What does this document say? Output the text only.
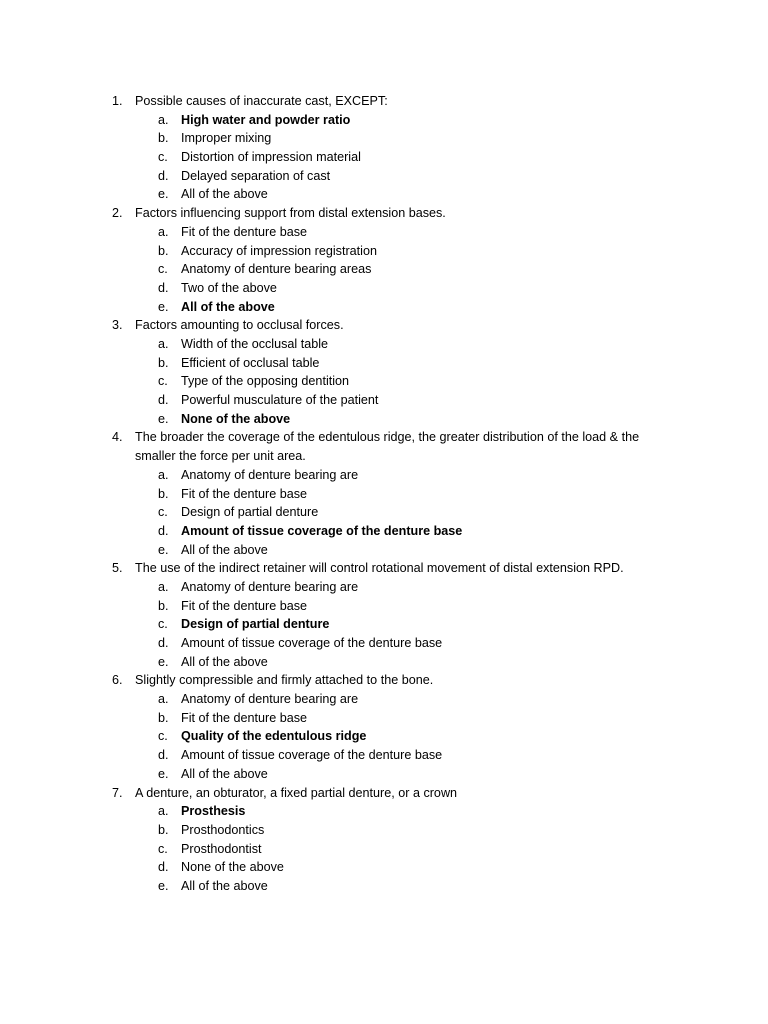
1. Possible causes of inaccurate cast, EXCEPT:
a. High water and powder ratio
b. Improper mixing
c.	Distortion of impression material
d. Delayed separation of cast
e. All of the above
2. Factors influencing support from distal extension bases.
a. Fit of the denture base
b. Accuracy of impression registration
c.	Anatomy of denture bearing areas
d. Two of the above
e. All of the above
3. Factors amounting to occlusal forces.
a. Width of the occlusal table
b. Efficient of occlusal table
c.	Type of the opposing dentition
d. Powerful musculature of the patient
e. None of the above
4. The broader the coverage of the edentulous ridge, the greater distribution of the load & the smaller the force per unit area.
a. Anatomy of denture bearing are
b. Fit of the denture base
c.	Design of partial denture
d. Amount of tissue coverage of the denture base
e. All of the above
5. The use of the indirect retainer will control rotational movement of distal extension RPD.
a. Anatomy of denture bearing are
b. Fit of the denture base
c.	Design of partial denture
d. Amount of tissue coverage of the denture base
e. All of the above
6. Slightly compressible and firmly attached to the bone.
a. Anatomy of denture bearing are
b. Fit of the denture base
c.	Quality of the edentulous ridge
d. Amount of tissue coverage of the denture base
e. All of the above
7. A denture, an obturator, a fixed partial denture, or a crown
a. Prosthesis
b. Prosthodontics
c.	Prosthodontist
d. None of the above
e. All of the above
